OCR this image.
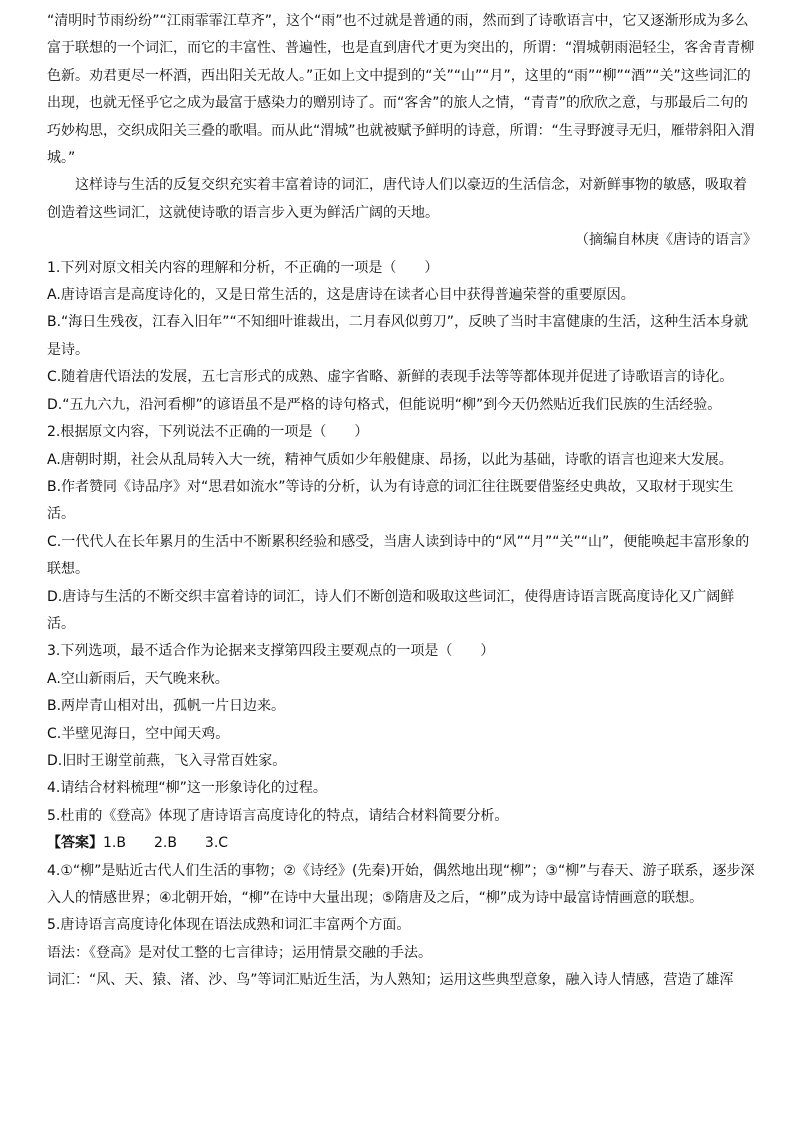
“清明时节雨纷纷”“江雨霏霏江草齐”，这个“雨”也不过就是普通的雨，然而到了诗歌语言中，它又逐渐形成为多么富于联想的一个词汇，而它的丰富性、普遍性，也是直到唐代才更为突出的，所谓：“渭城朝雨浥轻尘，客舍青青柳色新。劝君更尽一杯酒，西出阳关无故人。”正如上文中提到的“关”“山”“月”，这里的“雨”“柳”“酒”“关”这些词汇的出现，也就无怪乎它之成为最富于感染力的赠别诗了。而“客舍”的旅人之情，“青青”的欣欣之意，与那最后二句的巧妙构思，交织成阳关三叠的歌唱。而从此“渭城”也就被赋予鲜明的诗意，所谓：“生寻野渡寻无归，雁带斜阳入渭城。”

这样诗与生活的反复交织充实着丰富着诗的词汇，唐代诗人们以豪迈的生活信念，对新鲜事物的敏感，吸取着创造着这些词汇，这就使诗歌的语言步入更为鲜活广阔的天地。

（摘编自林庚《唐诗的语言》

1.下列对原文相关内容的理解和分析，不正确的一项是（　　）

A.唐诗语言是高度诗化的，又是日常生活的，这是唐诗在读者心目中获得普遍荣誉的重要原因。

B.“海日生残夜，江春入旧年”“不知细叶谁裁出，二月春风似剪刀”，反映了当时丰富健康的生活，这种生活本身就是诗。

C.随着唐代语法的发展，五七言形式的成熟、虚字省略、新鲜的表现手法等等都体现并促进了诗歌语言的诗化。

D.“五九六九，沿河看柳”的谚语虽不是严格的诗句格式，但能说明“柳”到今天仍然贴近我们民族的生活经验。

2.根据原文内容，下列说法不正确的一项是（　　）

A.唐朝时期，社会从乱局转入大一统，精神气质如少年般健康、昂扬，以此为基础，诗歌的语言也迎来大发展。

B.作者赞同《诗品序》对“思君如流水”等诗的分析，认为有诗意的词汇往往既要借鉴经史典故，又取材于现实生活。

C.一代代人在长年累月的生活中不断累积经验和感受，当唐人读到诗中的“风”“月”“关”“山”，便能唤起丰富形象的联想。

D.唐诗与生活的不断交织丰富着诗的词汇，诗人们不断创造和吸取这些词汇，使得唐诗语言既高度诗化又广阔鲜活。

3.下列选项，最不适合作为论据来支撑第四段主要观点的一项是（　　）

A.空山新雨后，天气晚来秋。

B.两岸青山相对出，孤帆一片日边来。

C.半壁见海日，空中闻天鸡。

D.旧时王谢堂前燕，飞入寻常百姓家。

4.请结合材料梳理“柳”这一形象诗化的过程。

5.杜甫的《登高》体现了唐诗语言高度诗化的特点，请结合材料简要分析。

【答案】1.B　　2.B　　3.C

4.①“柳”是贴近古代人们生活的事物；②《诗经》(先秦)开始，偶然地出现“柳”；③“柳”与春天、游子联系，逐步深入人的情感世界；④北朝开始，“柳”在诗中大量出现；⑤隋唐及之后，“柳”成为诗中最富诗情画意的联想。

5.唐诗语言高度诗化体现在语法成熟和词汇丰富两个方面。

语法：《登高》是对仗工整的七言律诗；运用情景交融的手法。

词汇：“风、天、猿、渚、沙、鸟”等词汇贴近生活，为人熟知；运用这些典型意象，融入诗人情感，营造了雄浑
